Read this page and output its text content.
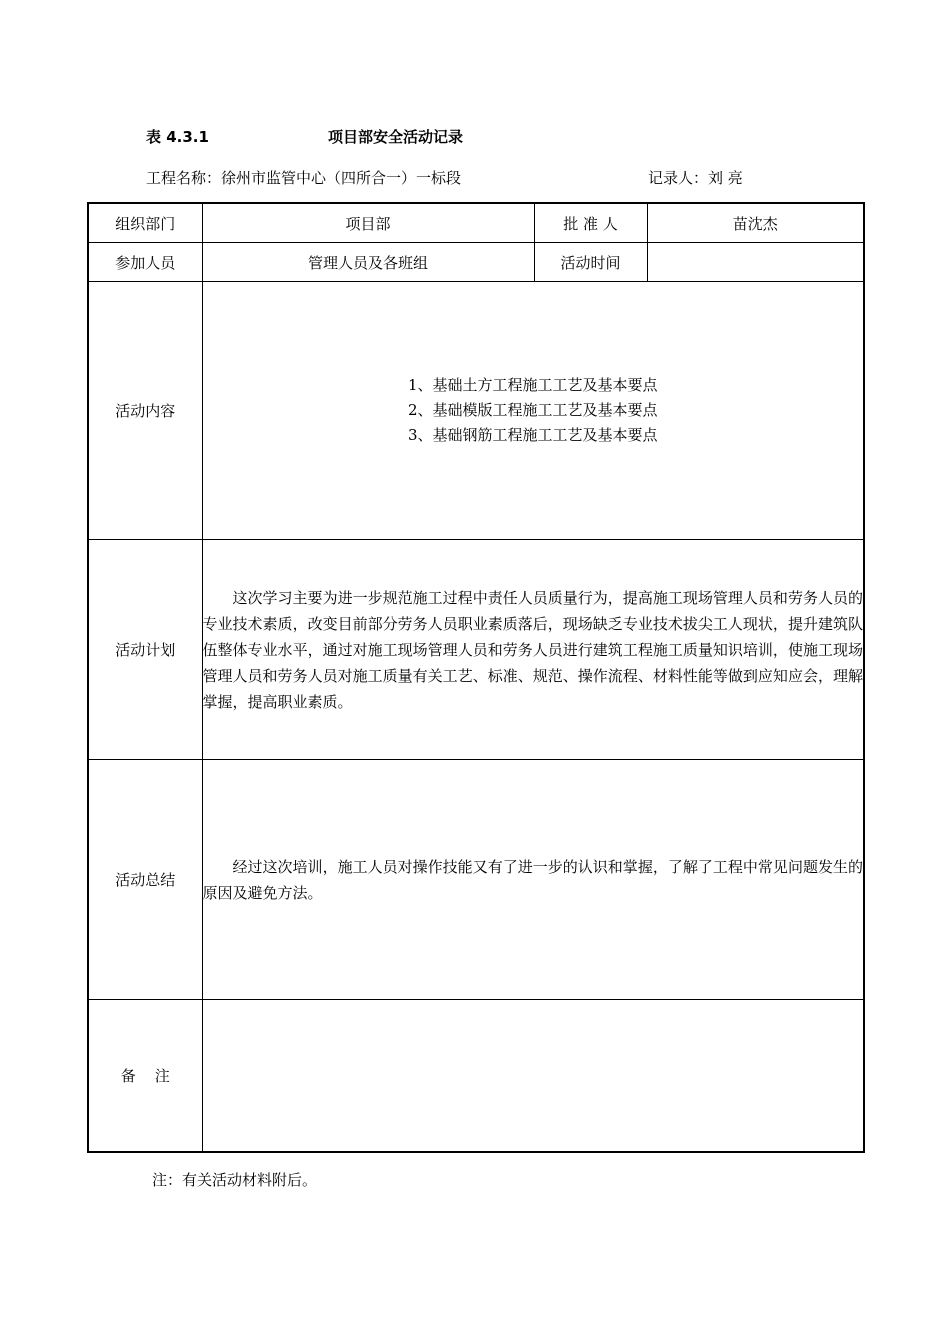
表 4.3.1	项目部安全活动记录
工程名称：徐州市监管中心（四所合一）一标段	记录人：刘 亮
组织部门	项目部	批 准 人	苗沈杰
参加人员	管理人员及各班组	活动时间	
活动内容	1、基础土方工程施工工艺及基本要点
2、基础模版工程施工工艺及基本要点
3、基础钢筋工程施工工艺及基本要点		

活动计划	这次学习主要为进一步规范施工过程中责任人员质量行为，提高施工现场管理人员和劳务人员的专业技术素质，改变目前部分劳务人员职业素质落后，现场缺乏专业技术拔尖工人现状，提升建筑队伍整体专业水平，通过对施工现场管理人员和劳务人员进行建筑工程施工质量知识培训，使施工现场管理人员和劳务人员对施工质量有关工艺、标准、规范、操作流程、材料性能等做到应知应会，理解掌握，提高职业素质。		

活动总结	经过这次培训，施工人员对操作技能又有了进一步的认识和掌握，了解了工程中常见问题发生的原因及避免方法。		

备    注			
注：有关活动材料附后。
